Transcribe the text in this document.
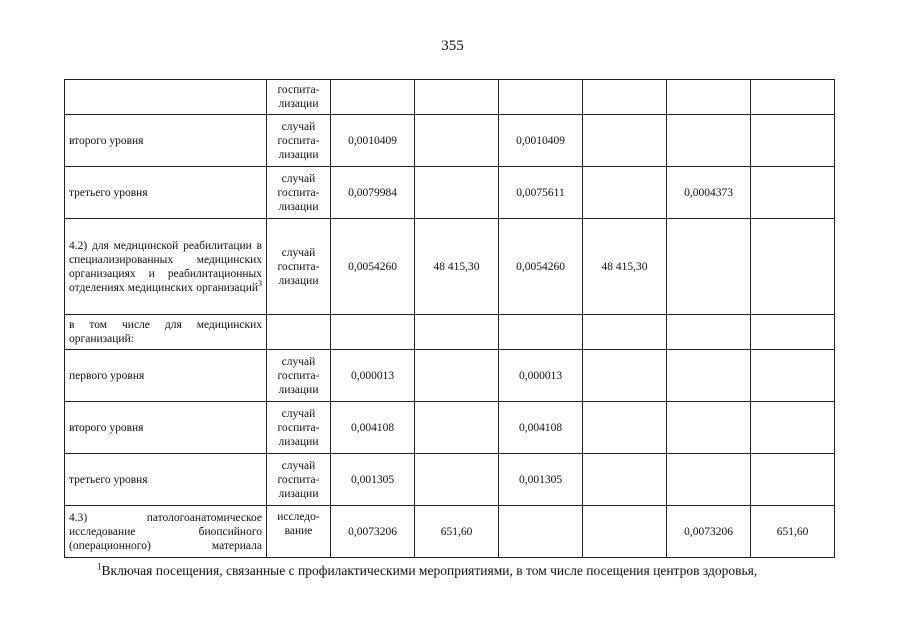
355
	госпита-
лизации						
второго уровня	случай
госпита-
лизации	0,0010409		0,0010409			
третьего уровня	случай
госпита-
лизации	0,0079984		0,0075611		0,0004373	
4.2) для медицинской реабилитации в специализированных медицинских организациях и реабилитационных отделениях медицинских организаций$^3$	случай
госпита-
лизации	0,0054260	48 415,30	0,0054260	48 415,30		
в том числе для медицинских организаций:							
первого уровня	случай
госпита-
лизации	0,000013		0,000013			
второго уровня	случай
госпита-
лизации	0,004108		0,004108			
третьего уровня	случай
госпита-
лизации	0,001305		0,001305			
4.3) патологоанатомическое исследование биопсийного (операционного) материала	исследо-
вание	0,0073206	651,60			0,0073206	651,60
$^1$Включая посещения, связанные с профилактическими мероприятиями, в том числе посещения центров здоровья,
